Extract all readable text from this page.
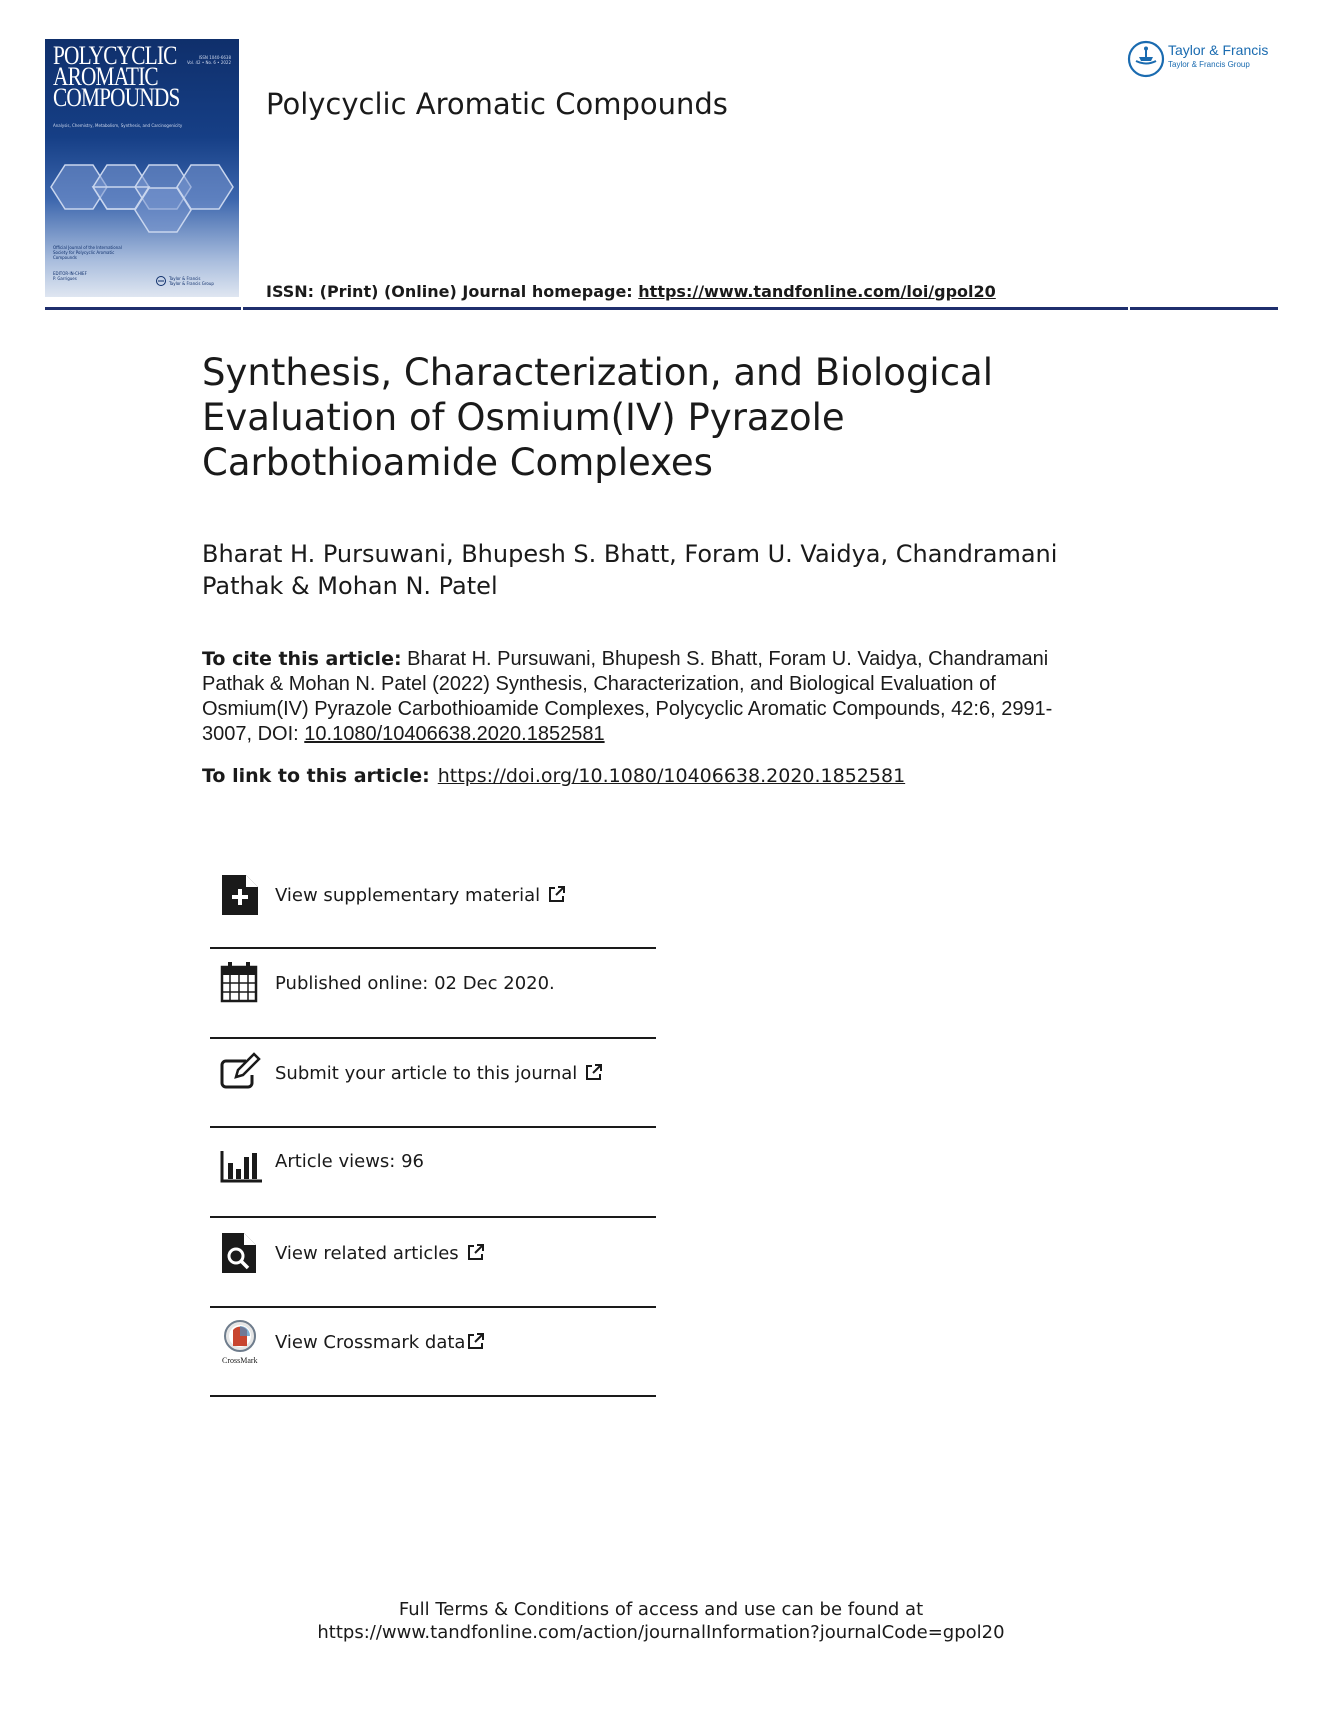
POLYCYCLIC
AROMATIC
COMPOUNDS
ISSN 1040-6638
Vol. 42 • No. 6 • 2022
Analysis, Chemistry, Metabolism, Synthesis, and Carcinogenicity
Official Journal of the International
Society for Polycyclic Aromatic
Compounds
EDITOR-IN-CHIEF
P. Garrigues	Taylor & Francis
Taylor & Francis Group
Polycyclic Aromatic Compounds
Taylor & Francis
Taylor & Francis Group
ISSN: (Print) (Online) Journal homepage: https://www.tandfonline.com/loi/gpol20
Synthesis, Characterization, and Biological Evaluation of Osmium(IV) Pyrazole Carbothioamide Complexes
Bharat H. Pursuwani, Bhupesh S. Bhatt, Foram U. Vaidya, Chandramani Pathak & Mohan N. Patel
To cite this article: Bharat H. Pursuwani, Bhupesh S. Bhatt, Foram U. Vaidya, Chandramani Pathak & Mohan N. Patel (2022) Synthesis, Characterization, and Biological Evaluation of Osmium(IV) Pyrazole Carbothioamide Complexes, Polycyclic Aromatic Compounds, 42:6, 2991-3007, DOI: 10.1080/10406638.2020.1852581
To link to this article: https://doi.org/10.1080/10406638.2020.1852581
View supplementary material
Published online: 02 Dec 2020.
Submit your article to this journal
Article views: 96
View related articles
CrossMark
View Crossmark data
Full Terms & Conditions of access and use can be found at
https://www.tandfonline.com/action/journalInformation?journalCode=gpol20
